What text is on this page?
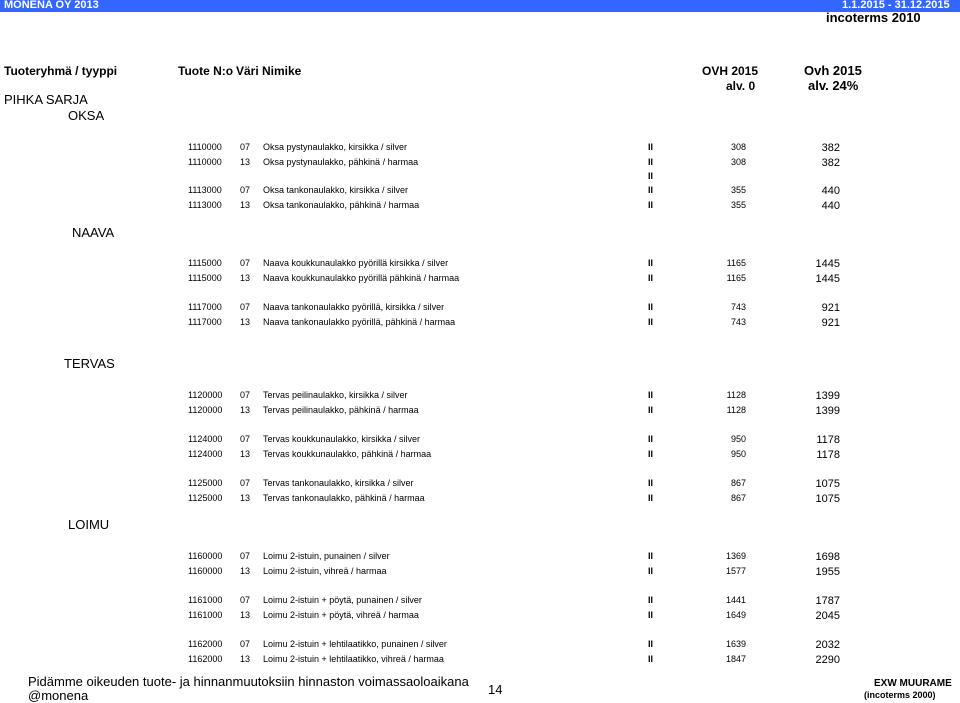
MONENA OY 2013	1.1.2015 - 31.12.2015
incoterms 2010
Tuoteryhmä / tyyppi	Tuote N:o Väri Nimike	OVH 2015
alv. 0
Ovh 2015
alv. 24%
PIHKA SARJA
OKSA
NAAVA
TERVAS
LOIMU
1110000 07 Oksa pystynaulakko, kirsikka / silver	II	308	382
1110000 13 Oksa pystynaulakko, pähkinä / harmaa	II	308	382
II
1113000 07 Oksa tankonaulakko, kirsikka / silver	II	355	440
1113000 13 Oksa tankonaulakko, pähkinä / harmaa	II	355	440
1115000 07 Naava koukkunaulakko pyörillä kirsikka / silver	II	1165	1445
1115000 13 Naava koukkunaulakko pyörillä pähkinä / harmaa	II	1165	1445
1117000 07 Naava tankonaulakko pyörillä, kirsikka / silver	II	743	921
1117000 13 Naava tankonaulakko pyörillä, pähkinä / harmaa	II	743	921
1120000 07 Tervas peilinaulakko, kirsikka / silver	II	1128	1399
1120000 13 Tervas peilinaulakko, pähkinä / harmaa	II	1128	1399
1124000 07 Tervas koukkunaulakko, kirsikka / silver	II	950	1178
1124000 13 Tervas koukkunaulakko, pähkinä / harmaa	II	950	1178
1125000 07 Tervas tankonaulakko, kirsikka / silver	II	867	1075
1125000 13 Tervas tankonaulakko, pähkinä / harmaa	II	867	1075
1160000 07 Loimu 2-istuin, punainen / silver	II	1369	1698
1160000 13 Loimu 2-istuin, vihreä / harmaa	II	1577	1955
1161000 07 Loimu 2-istuin + pöytä, punainen / silver	II	1441	1787
1161000 13 Loimu 2-istuin + pöytä, vihreä / harmaa	II	1649	2045
1162000 07 Loimu 2-istuin + lehtilaatikko, punainen / silver	II	1639	2032
1162000 13 Loimu 2-istuin + lehtilaatikko, vihreä / harmaa	II	1847	2290
Pidämme oikeuden tuote- ja hinnanmuutoksiin hinnaston voimassaoloaikana
@monena	14	EXW MUURAME
(incoterms 2000)
